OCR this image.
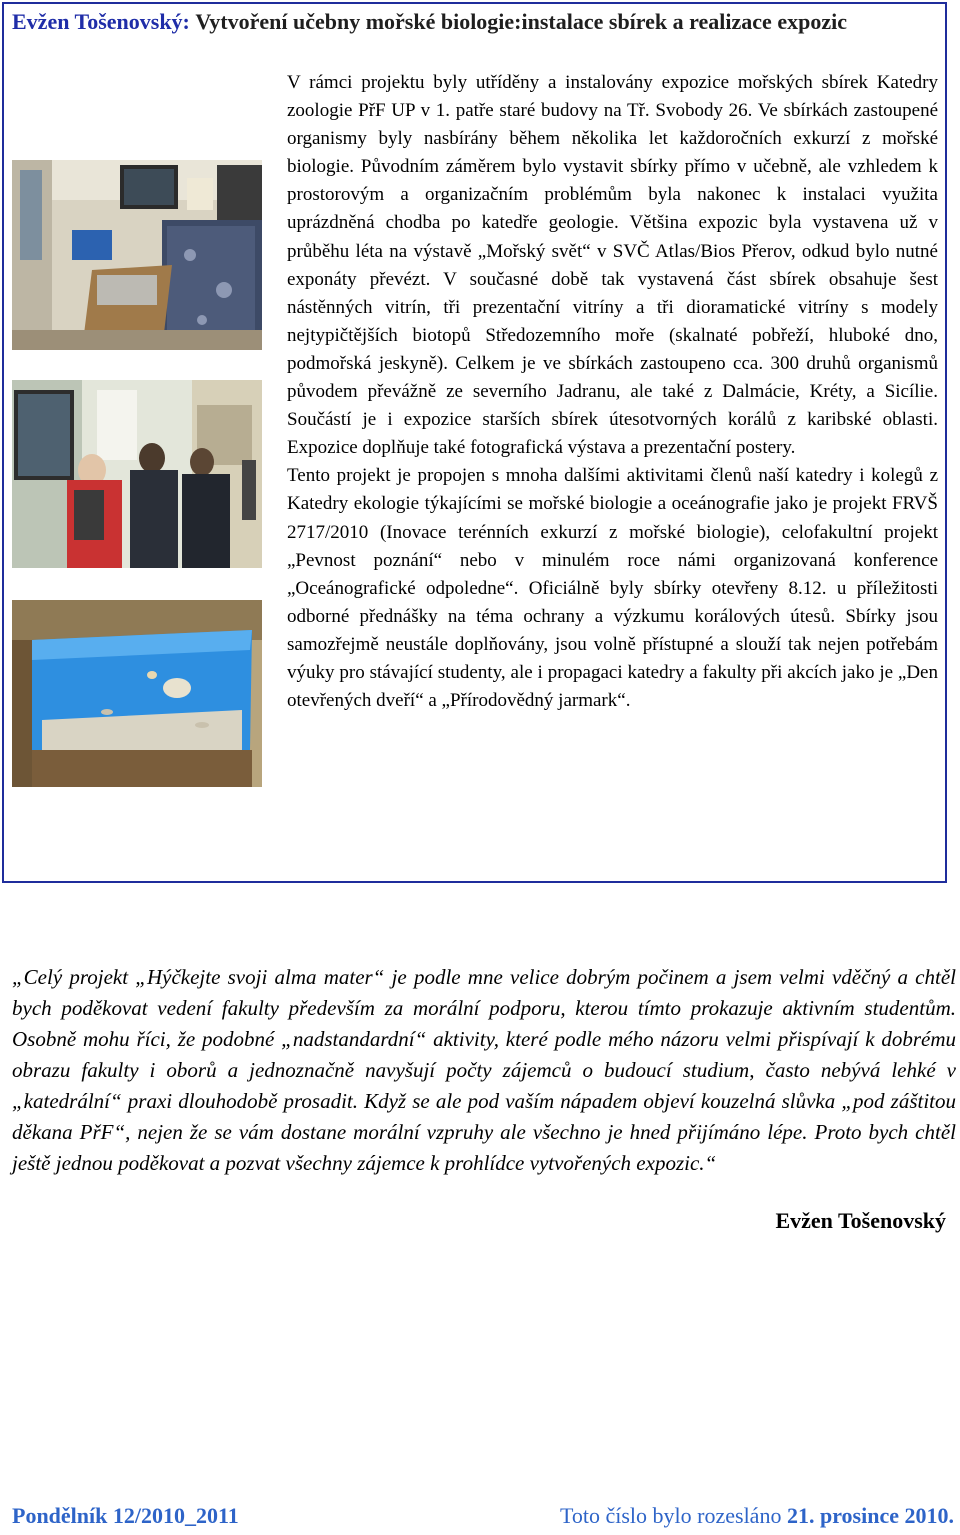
Evžen Tošenovský: Vytvoření učebny mořské biologie:instalace sbírek a realizace expozic

V rámci projektu byly utříděny a instalovány expozice mořských sbírek Katedry zoologie PřF UP v 1. patře staré budovy na Tř. Svobody 26. Ve sbírkách zastoupené organismy byly nasbírány během několika let každoročních exkurzí z mořské biologie. Původním záměrem bylo vystavit sbírky přímo v učebně, ale vzhledem k prostorovým a organizačním problémům byla nakonec k instalaci využita uprázdněná chodba po katedře geologie. Většina expozic byla vystavena už v průběhu léta na výstavě „Mořský svět“ v SVČ Atlas/Bios Přerov, odkud bylo nutné exponáty převézt. V současné době tak vystavená část sbírek obsahuje šest nástěnných vitrín, tři prezentační vitríny a tři dioramatické vitríny s modely nejtypičtějších biotopů Středozemního moře (skalnaté pobřeží, hluboké dno, podmořská jeskyně). Celkem je ve sbírkách zastoupeno cca. 300 druhů organismů původem převážně ze severního Jadranu, ale také z Dalmácie, Kréty, a Sicílie. Součástí je i expozice starších sbírek útesotvorných korálů z karibské oblasti. Expozice doplňuje také fotografická výstava a prezentační postery.

Tento projekt je propojen s mnoha dalšími aktivitami členů naší katedry i kolegů z Katedry ekologie týkajícími se mořské biologie a oceánografie jako je projekt FRVŠ 2717/2010 (Inovace terénních exkurzí z mořské biologie), celofakultní projekt „Pevnost poznání“ nebo v minulém roce námi organizovaná konference „Oceánografické odpoledne“. Oficiálně byly sbírky otevřeny 8.12. u příležitosti odborné přednášky na téma ochrany a výzkumu korálových útesů. Sbírky jsou samozřejmě neustále doplňovány, jsou volně přístupné a slouží tak nejen potřebám výuky pro stávající studenty, ale i propagaci katedry a fakulty při akcích jako je „Den otevřených dveří“ a „Přírodovědný jarmark“.

„Celý projekt „Hýčkejte svoji alma mater“ je podle mne velice dobrým počinem a jsem velmi vděčný a chtěl bych poděkovat vedení fakulty především za morální podporu, kterou tímto prokazuje aktivním studentům. Osobně mohu říci, že podobné „nadstandardní“ aktivity, které podle mého názoru velmi přispívají k dobrému obrazu fakulty i oborů a jednoznačně navyšují počty zájemců o budoucí studium, často nebývá lehké v „katedrální“ praxi dlouhodobě prosadit. Když se ale pod vaším nápadem objeví kouzelná slůvka „pod záštitou děkana PřF“, nejen že se vám dostane morální vzpruhy ale všechno je hned přijímáno lépe. Proto bych chtěl ještě jednou poděkovat a pozvat všechny zájemce k prohlídce vytvořených expozic.“
Evžen Tošenovský
Pondělník 12/2010_2011	Toto číslo bylo rozesláno 21. prosince 2010.
